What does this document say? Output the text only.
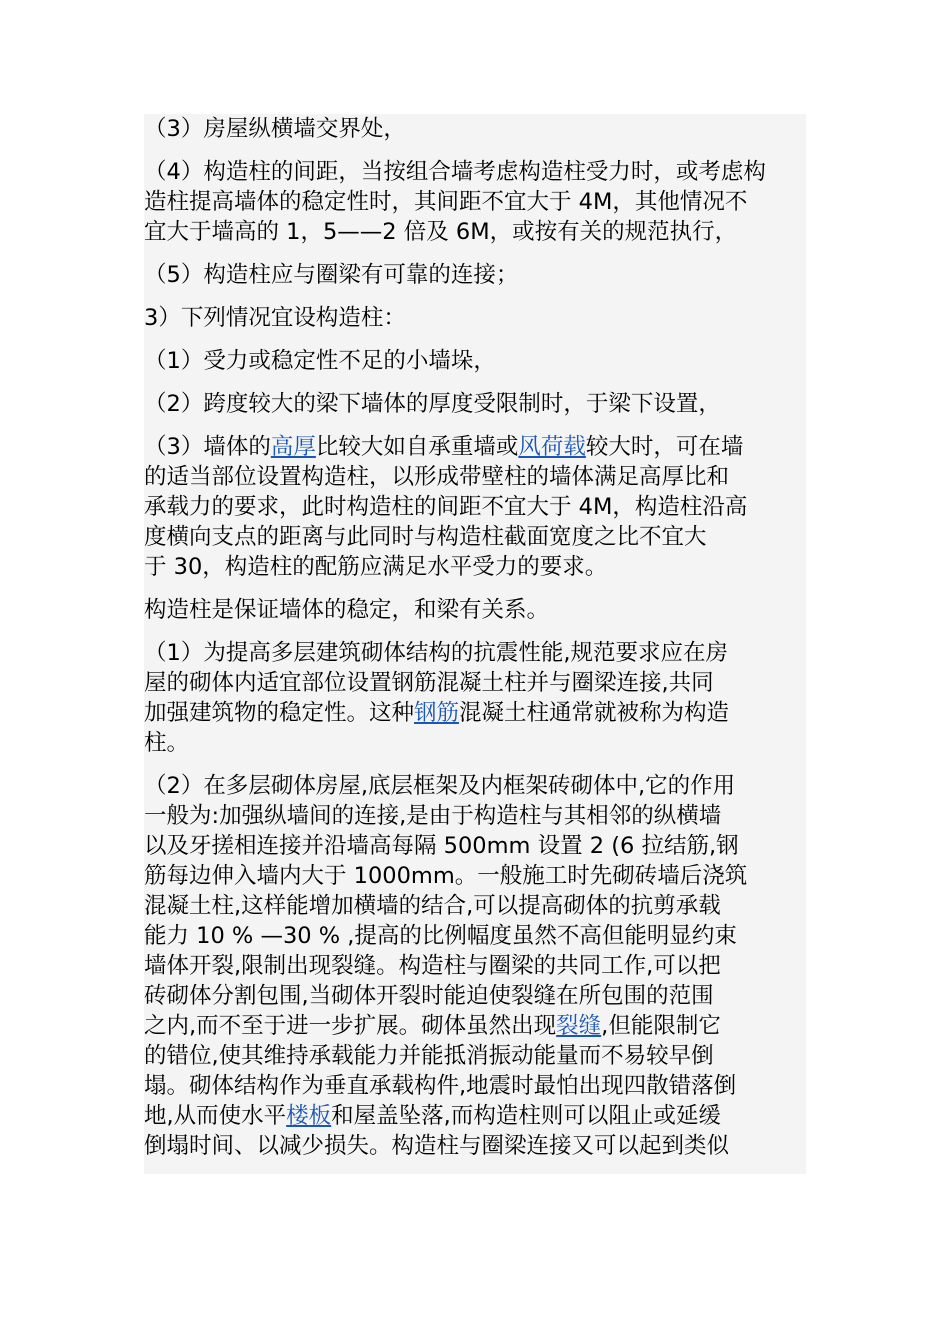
（3）房屋纵横墙交界处，
（4）构造柱的间距，当按组合墙考虑构造柱受力时，或考虑构
造柱提高墙体的稳定性时，其间距不宜大于 4M，其他情况不
宜大于墙高的 1，5——2 倍及 6M，或按有关的规范执行，
（5）构造柱应与圈梁有可靠的连接；
3）下列情况宜设构造柱：
（1）受力或稳定性不足的小墙垛，
（2）跨度较大的梁下墙体的厚度受限制时，于梁下设置，
（3）墙体的高厚比较大如自承重墙或风荷载较大时，可在墙
的适当部位设置构造柱，以形成带壁柱的墙体满足高厚比和
承载力的要求，此时构造柱的间距不宜大于 4M，构造柱沿高
度横向支点的距离与此同时与构造柱截面宽度之比不宜大
于 30，构造柱的配筋应满足水平受力的要求。
构造柱是保证墙体的稳定，和梁有关系。
（1）为提高多层建筑砌体结构的抗震性能,规范要求应在房
屋的砌体内适宜部位设置钢筋混凝土柱并与圈梁连接,共同
加强建筑物的稳定性。这种钢筋混凝土柱通常就被称为构造
柱。
（2）在多层砌体房屋,底层框架及内框架砖砌体中,它的作用
一般为:加强纵墙间的连接,是由于构造柱与其相邻的纵横墙
以及牙搓相连接并沿墙高每隔 500mm 设置 2 (6 拉结筋,钢
筋每边伸入墙内大于 1000mm。一般施工时先砌砖墙后浇筑
混凝土柱,这样能增加横墙的结合,可以提高砌体的抗剪承载
能力 10 % —30 % ,提高的比例幅度虽然不高但能明显约束
墙体开裂,限制出现裂缝。构造柱与圈梁的共同工作,可以把
砖砌体分割包围,当砌体开裂时能迫使裂缝在所包围的范围
之内,而不至于进一步扩展。砌体虽然出现裂缝,但能限制它
的错位,使其维持承载能力并能抵消振动能量而不易较早倒
塌。砌体结构作为垂直承载构件,地震时最怕出现四散错落倒
地,从而使水平楼板和屋盖坠落,而构造柱则可以阻止或延缓
倒塌时间、以减少损失。构造柱与圈梁连接又可以起到类似
